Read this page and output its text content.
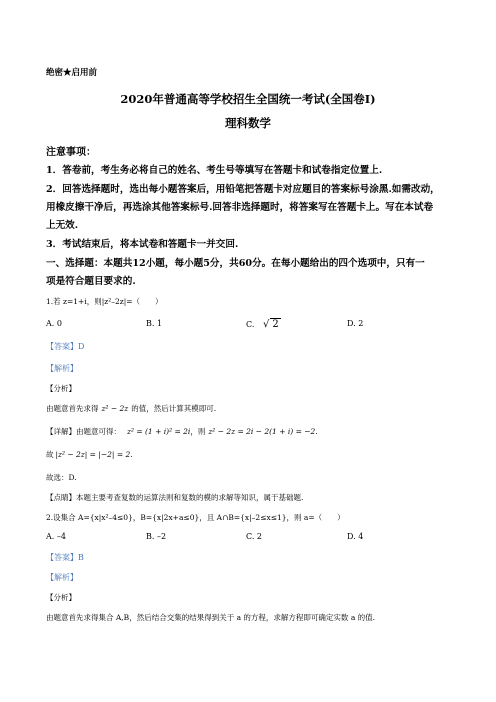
绝密★启用前
2020年普通高等学校招生全国统一考试(全国卷I)
理科数学
注意事项：
1．答卷前，考生务必将自己的姓名、考生号等填写在答题卡和试卷指定位置上.
2．回答选择题时，选出每小题答案后，用铅笔把答题卡对应题目的答案标号涂黑.如需改动，
用橡皮擦干净后，再选涂其他答案标号.回答非选择题时，将答案写在答题卡上。写在本试卷
上无效.
3．考试结束后，将本试卷和答题卡一并交回.
一、选择题：本题共12小题，每小题5分，共60分。在每小题给出的四个选项中，只有一
项是符合题目要求的.
1.若 z=1+i，则|z²–2z|=（　　）
A. 0	B. 1	C. √ 2	D. 2
【答案】D
【解析】
【分析】
由题意首先求得 z² − 2z 的值，然后计算其模即可.
【详解】由题意可得： z² = (1 + i)² = 2i，则 z² − 2z = 2i − 2(1 + i) = −2.
故 |z² − 2z| = |−2| = 2.
故选：D.
【点睛】本题主要考查复数的运算法则和复数的模的求解等知识，属于基础题.
2.设集合 A={x|x²–4≤0}，B={x|2x+a≤0}，且 A∩B={x|–2≤x≤1}，则 a=（　　）
A. –4	B. –2	C. 2	D. 4
【答案】B
【解析】
【分析】
由题意首先求得集合 A,B，然后结合交集的结果得到关于 a 的方程，求解方程即可确定实数 a 的值.
